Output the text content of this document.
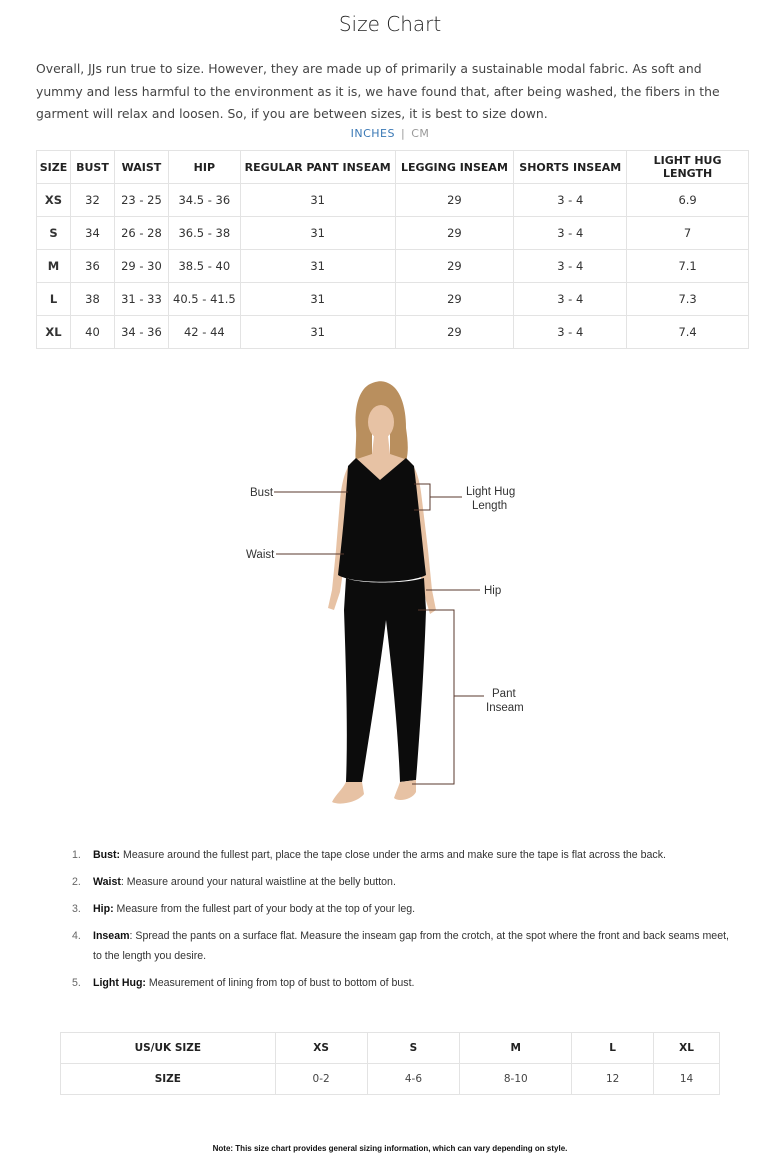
Size Chart
Overall, JJs run true to size. However, they are made up of primarily a sustainable modal fabric. As soft and yummy and less harmful to the environment as it is, we have found that, after being washed, the fibers in the garment will relax and loosen. So, if you are between sizes, it is best to size down.
INCHES | CM
SIZE	BUST	WAIST	HIP	REGULAR PANT INSEAM	LEGGING INSEAM	SHORTS INSEAM	LIGHT HUG LENGTH
XS	32	23 - 25	34.5 - 36	31	29	3 - 4	6.9
S	34	26 - 28	36.5 - 38	31	29	3 - 4	7
M	36	29 - 30	38.5 - 40	31	29	3 - 4	7.1
L	38	31 - 33	40.5 - 41.5	31	29	3 - 4	7.3
XL	40	34 - 36	42 - 44	31	29	3 - 4	7.4
Bust
Waist
Light Hug
Length
Hip
Pant
Inseam
1. Bust: Measure around the fullest part, place the tape close under the arms and make sure the tape is flat across the back.
2. Waist: Measure around your natural waistline at the belly button.
3. Hip: Measure from the fullest part of your body at the top of your leg.
4. Inseam: Spread the pants on a surface flat. Measure the inseam gap from the crotch, at the spot where the front and back seams meet, to the length you desire.
5. Light Hug: Measurement of lining from top of bust to bottom of bust.
US/UK SIZE	XS	S	M	L	XL
SIZE	0-2	4-6	8-10	12	14
Note: This size chart provides general sizing information, which can vary depending on style.
